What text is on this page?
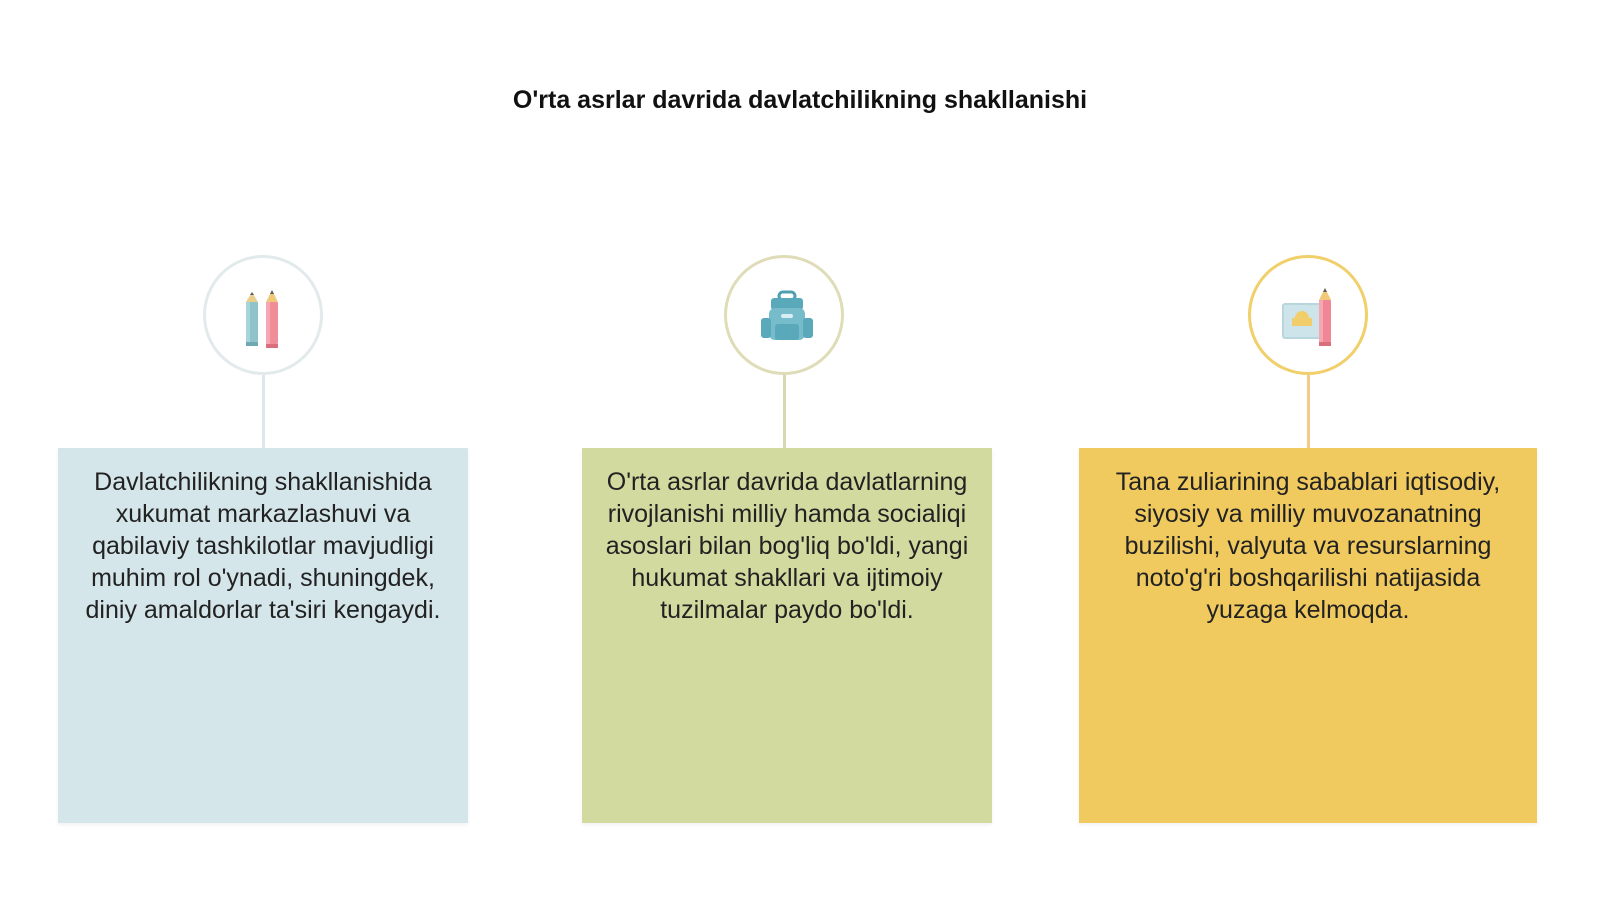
O'rta asrlar davrida davlatchilikning shakllanishi
Davlatchilikning shakllanishida xukumat markazlashuvi va qabilaviy tashkilotlar mavjudligi muhim rol o'ynadi, shuningdek, diniy amaldorlar ta'siri kengaydi.
O'rta asrlar davrida davlatlarning rivojlanishi milliy hamda socialiqi asoslari bilan bog'liq bo'ldi, yangi hukumat shakllari va ijtimoiy tuzilmalar paydo bo'ldi.
Tana zuliarining sabablari iqtisodiy, siyosiy va milliy muvozanatning buzilishi, valyuta va resurslarning noto'g'ri boshqarilishi natijasida yuzaga kelmoqda.
